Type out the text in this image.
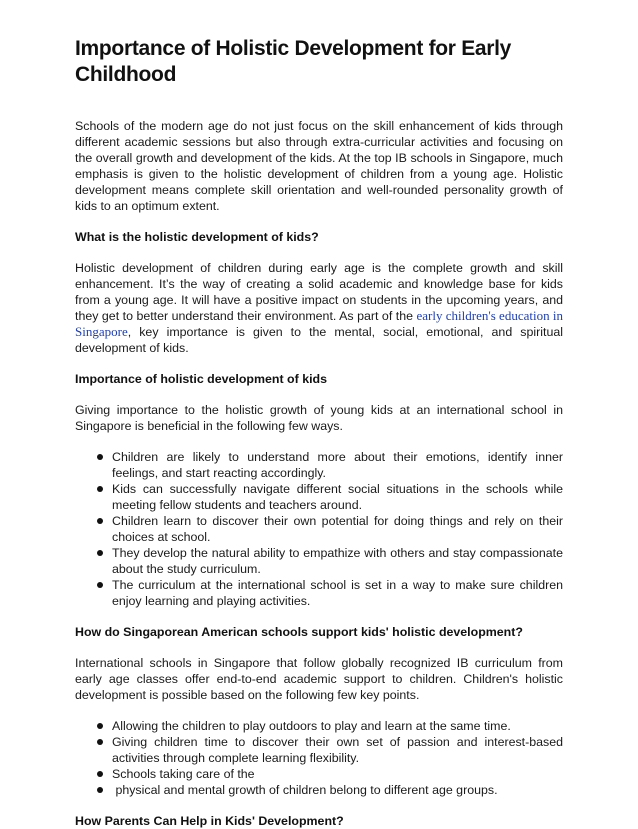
Importance of Holistic Development for Early Childhood

Schools of the modern age do not just focus on the skill enhancement of kids through different academic sessions but also through extra-curricular activities and focusing on the overall growth and development of the kids. At the top IB schools in Singapore, much emphasis is given to the holistic development of children from a young age. Holistic development means complete skill orientation and well-rounded personality growth of kids to an optimum extent.

What is the holistic development of kids?

Holistic development of children during early age is the complete growth and skill enhancement. It’s the way of creating a solid academic and knowledge base for kids from a young age. It will have a positive impact on students in the upcoming years, and they get to better understand their environment. As part of the early children's education in Singapore, key importance is given to the mental, social, emotional, and spiritual development of kids.

Importance of holistic development of kids

Giving importance to the holistic growth of young kids at an international school in Singapore is beneficial in the following few ways.

Children are likely to understand more about their emotions, identify inner feelings, and start reacting accordingly.
Kids can successfully navigate different social situations in the schools while meeting fellow students and teachers around.
Children learn to discover their own potential for doing things and rely on their choices at school.
They develop the natural ability to empathize with others and stay compassionate about the study curriculum.
The curriculum at the international school is set in a way to make sure children enjoy learning and playing activities.
How do Singaporean American schools support kids' holistic development?

International schools in Singapore that follow globally recognized IB curriculum from early age classes offer end-to-end academic support to children. Children's holistic development is possible based on the following few key points.

Allowing the children to play outdoors to play and learn at the same time.
Giving children time to discover their own set of passion and interest-based activities through complete learning flexibility.
Schools taking care of the
physical and mental growth of children belong to different age groups.
How Parents Can Help in Kids' Development?
